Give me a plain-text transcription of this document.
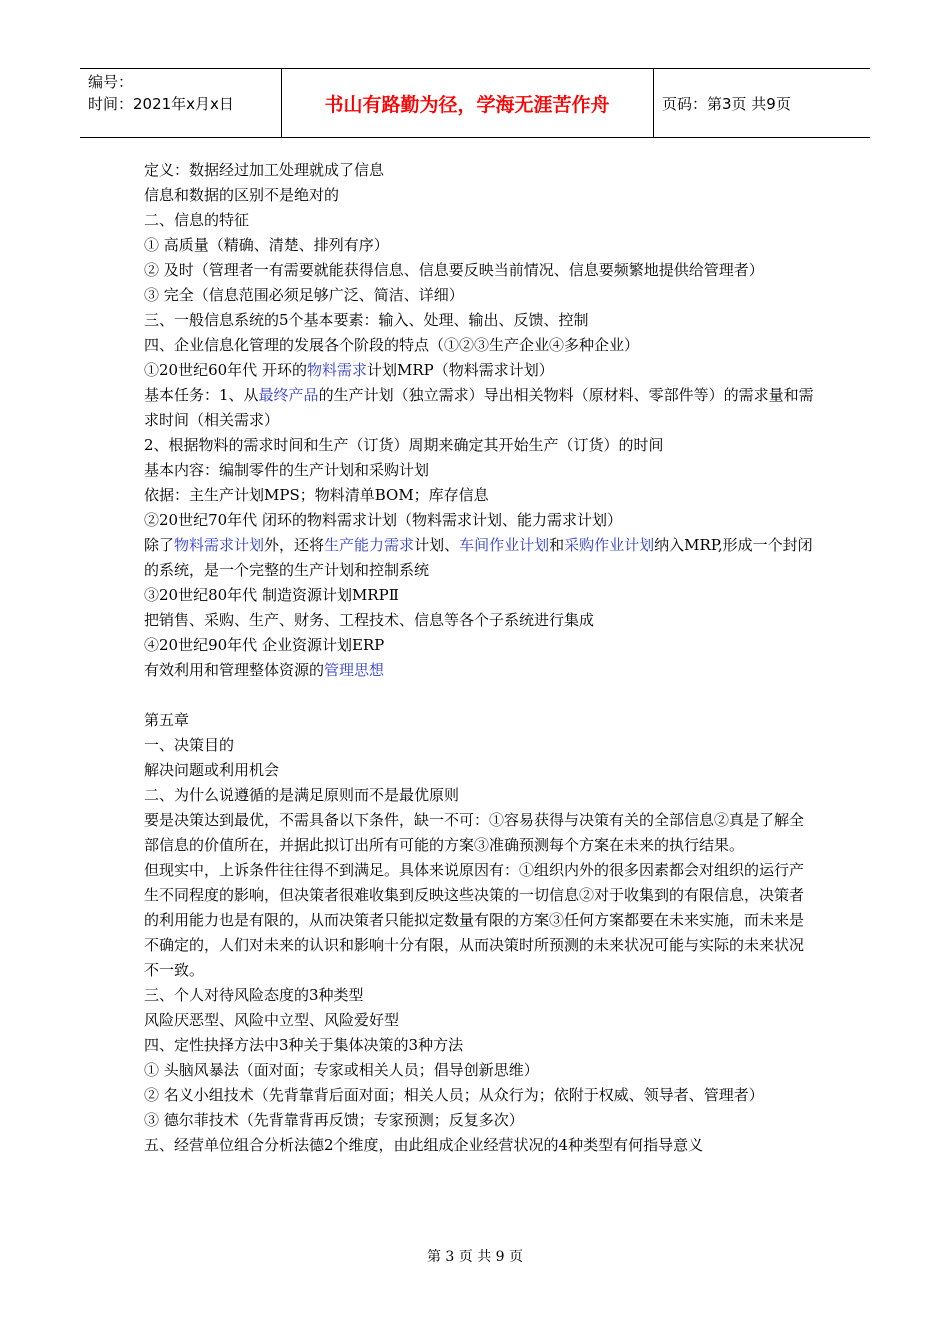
编号：
时间：2021年x月x日	书山有路勤为径，学海无涯苦作舟	页码：第3页 共9页

定义：数据经过加工处理就成了信息

信息和数据的区别不是绝对的

二、信息的特征

① 高质量（精确、清楚、排列有序）

② 及时（管理者一有需要就能获得信息、信息要反映当前情况、信息要频繁地提供给管理者）

③ 完全（信息范围必须足够广泛、简洁、详细）

三、一般信息系统的5个基本要素：输入、处理、输出、反馈、控制

四、企业信息化管理的发展各个阶段的特点（①②③生产企业④多种企业）

①20世纪60年代 开环的物料需求计划MRP（物料需求计划）

基本任务：1、从最终产品的生产计划（独立需求）导出相关物料（原材料、零部件等）的需求量和需求时间（相关需求）

2、根据物料的需求时间和生产（订货）周期来确定其开始生产（订货）的时间

基本内容：编制零件的生产计划和采购计划

依据：主生产计划MPS；物料清单BOM；库存信息

②20世纪70年代 闭环的物料需求计划（物料需求计划、能力需求计划）

除了物料需求计划外，还将生产能力需求计划、车间作业计划和采购作业计划纳入MRP,形成一个封闭的系统，是一个完整的生产计划和控制系统

③20世纪80年代 制造资源计划MRPⅡ

把销售、采购、生产、财务、工程技术、信息等各个子系统进行集成

④20世纪90年代 企业资源计划ERP

有效利用和管理整体资源的管理思想

第五章

一、决策目的

解决问题或利用机会

二、为什么说遵循的是满足原则而不是最优原则

要是决策达到最优，不需具备以下条件，缺一不可：①容易获得与决策有关的全部信息②真是了解全部信息的价值所在，并据此拟订出所有可能的方案③准确预测每个方案在未来的执行结果。

但现实中，上诉条件往往得不到满足。具体来说原因有：①组织内外的很多因素都会对组织的运行产生不同程度的影响，但决策者很难收集到反映这些决策的一切信息②对于收集到的有限信息，决策者的利用能力也是有限的，从而决策者只能拟定数量有限的方案③任何方案都要在未来实施，而未来是不确定的，人们对未来的认识和影响十分有限，从而决策时所预测的未来状况可能与实际的未来状况不一致。

三、个人对待风险态度的3种类型

风险厌恶型、风险中立型、风险爱好型

四、定性抉择方法中3种关于集体决策的3种方法

① 头脑风暴法（面对面；专家或相关人员；倡导创新思维）

② 名义小组技术（先背靠背后面对面；相关人员；从众行为；依附于权威、领导者、管理者）

③ 德尔菲技术（先背靠背再反馈；专家预测；反复多次）

五、经营单位组合分析法德2个维度，由此组成企业经营状况的4种类型有何指导意义

第 3 页 共 9 页
